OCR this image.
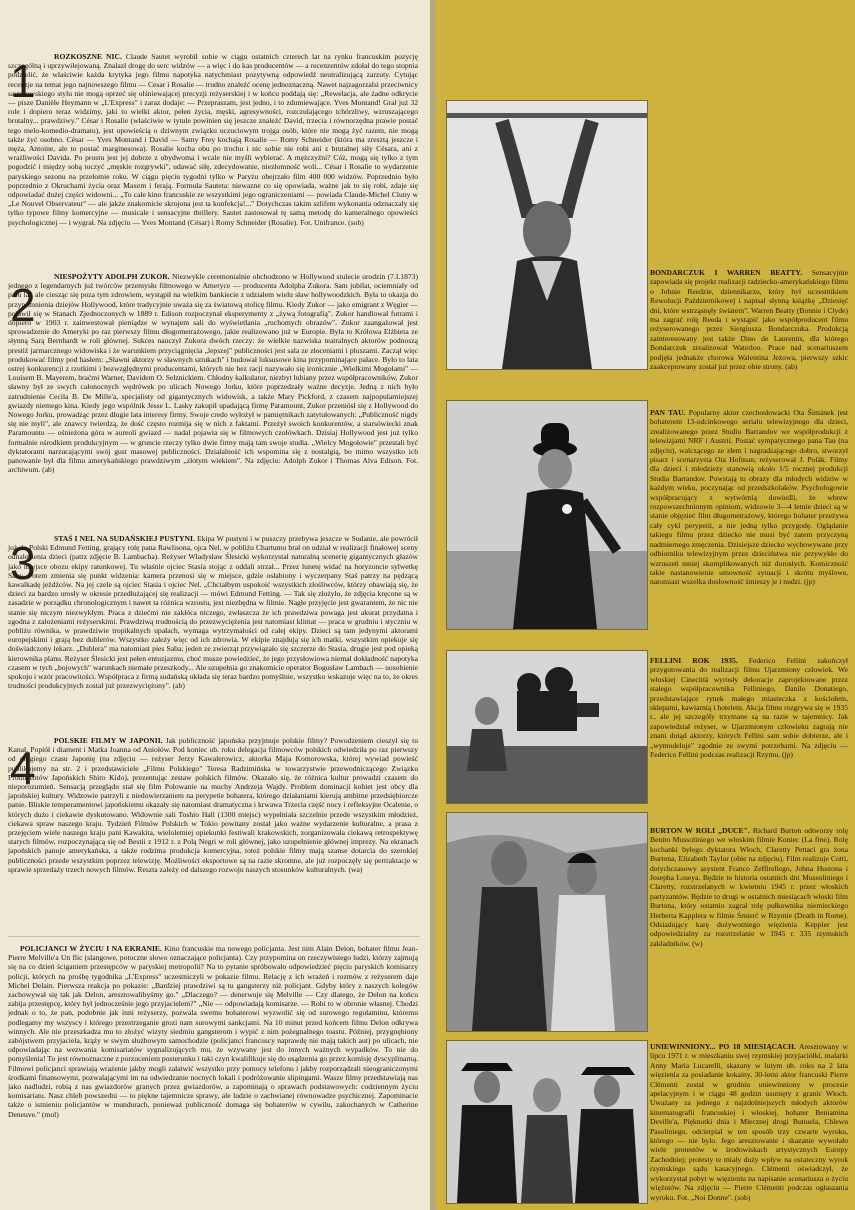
1	ROZKOSZNE NIC. Claude Sautet wyrobił sobie w ciągu ostatnich czterech lat na rynku francuskim pozycję szczególną i uprzywilejowaną. Znalazł drogę do serc widzów — a więc i do kas producentów — a recenzentów zdołał do tego stopnia podzielić, że właściwie każda krytyka jego filmu napotyka natychmiast pozytywną odpowiedź neutralizującą zarzuty. Cytując recenzje na temat jego najnowszego filmu — Cesar i Rosalie — trudno znaleźć ocenę jednoznaczną. Nawet najzagorzalsi przeciwnicy sautetowskiego stylu nie mogą oprzeć się olśniewającej precyzji reżyserskiej i w końcu poddają się: „Rewelacja, ale żadne odkrycie — pisze Danièle Heymann w „L'Express" i zaraz dodaje: — Przepraszam, jest jedno, i to zdumiewające. Yves Montand! Grał już 32 role i dopiero teraz widzimy, jaki to wielki aktor, pełen życia, męski, agresywności, rozczulającego tchórzliwy, wzruszającego brutalny... prawdziwy." César i Rosalie (właściwie w tytule powinien się jeszcze znaleźć David, trzecia i równorzędna prawie postać tego melo-komedio-dramatu), jest opowieścią o dziwnym związku uczuciowym trojga osób, które nie mogą żyć razem, nie mogą także żyć osobno. César — Yves Montand i David — Samy Frey kochają Rosalie — Romy Schneider (która ma zresztą jeszcze i męża, Antoine, ale to postać marginesowa). Rosalie kocha obu po trochu i nic sobie nie robi ani z brutalnej siły Césara, ani z wrażliwości Davida. Po prostu jest jej dobrze z obydwoma i wcale nie myśli wybierać. A mężczyźni? Cóż, mogą się tylko z tym pogodzić i między sobą toczyć „męskie rozgrywki", udawać siłę, zdecydowanie, niezłomność woli... César i Rosalie to wydarzenie paryskiego sezonu na przełomie roku. W ciągu pięciu tygodni tylko w Paryżu obejrzało film 400 000 widzów. Poprzednio było poprzednio z Okruchami życia oraz Maxem i ferają. Formuła Sauteta: niewazne co się opowiada, ważne jak to się robi, zdaje się odpowiadać dużej części widowni... „To całe kino francuskie ze wszystkimi jego ograniczeniami — powiada Claude-Michel Cluny w „Le Nouvel Observateur" — ale jakże znakomicie skrojona jest ta konfekcja!..." Dotychczas takim szlifem wykonania odznaczały się tylko typowe filmy komercyjne — musicale i sensacyjne thrillery. Sautet zastosował tę samą metodę do kameralnego opowieści psychologicznej — i wygrał. Na zdjęciu — Yves Montand (César) i Romy Schneider (Rosalie). Fot. Unifrance. (sob)

2

NIESPOŻYTY ADOLPH ZUKOR. Niezwykle ceremonialnie obchodzono w Hollywood stulecie urodzin (7.I.1873) jednego z legendarnych już twórców przemysłu filmowego w Ameryce — producenta Adolpha Zukora. Sam jubilat, ociemniały od paru lat, ale ciesząc się poza tym zdrowiem, wystąpił na wielkim bankiecie z udziałem wielu sław hollywoodzkich. Była to okazja do przypomnienia dziejów Hollywood, które tradycyjnie uważa się za światową stolicę filmu. Kiedy Zukor — jako emigrant z Węgier — pojawił się w Stanach Zjednoczonych w 1889 r. Edison rozpoczynał eksperymenty z „żywą fotografią". Zukor handlował futrami i dopiero w 1903 r. zainwestował pieniądze w wynajem sali do wyświetlania „ruchomych obrazów". Zukor zaangażował jest sprowadzenie do Ameryki po raz pierwszy filmu długometrażowego, jakie realizowano już w Europie. Była to Królowa Elżbieta ze słynną Sarą Bernhardt w roli głównej. Sukces nauczył Zukora dwóch rzeczy: że wielkie nazwiska teatralnych aktorów podnoszą prestiż jarmarcznego widowiska i że warunkiem przyciągnięcia „lepszej" publiczności jest sala ze złoceniami i pluszami. Zaczął więc produkować filmy pod hasłem: „Sławni aktorzy w sławnych sztukach" i budował luksusowe kina przypominające pałace. Było to lata ostrej konkurencji z rzutkimi i bezwzględnymi producentami, których nie bez racji nazywało się ironicznie „Wielkimi Mogołami" — Louisem B. Mayerem, braćmi Warner, Davidem O. Selznickiem. Chłodny kalkulator, niezbyt lubiany przez współpracowników, Zukor sławny był ze swych całonocnych wędrówek po ulicach Nowego Jorku, które poprzedzały ważne decyzje. Jedną z nich było zatrudnienie Cecila B. De Mille'a, specjalisty od gigantycznych widowisk, a także Mary Pickford, z czasem najpopularniejszej gwiazdy niemego kina. Kiedy jego wspólnik Jesse L. Lasky zakupił upadającą firmę Paramount, Zukor przeniósł się z Hollywood do Nowego Jorku, prowadząc przez długie lata interesy firmy. Swoje credo wyłożył w pamiętnikach zatytułowanych: „Publiczność nigdy się nie myli", ale znawcy twierdzą, że dość często rozmija się w nich z faktami. Przeżył swoich konkurentów, a starsówiecki znak Paramountu — ośnieżona góra w aureoli gwiazd — nadal pojawia się w filmowych czołówkach. Dzisiaj Hollywood jest już tylko formalnie ośrodkiem produkcyjnym — w gruncie rzeczy tylko dwie firmy mają tam swoje studia. „Wielcy Mogołowie" przestali być dyktatorami narzucającymi swój gust masowej publiczności. Działalność ich wspomina się z nostalgią, bo mimo wszystko ich panowanie był dla filmu amerykańskiego prawdziwym „złotym wiekiem". Na zdjęciu: Adolph Zukor i Thomas Alva Edison. Fot. archiwum. (ab)

3	STAŚ I NEL NA SUDAŃSKIEJ PUSTYNI. Ekipa W pustyni i w puszczy przebywa jeszcze w Sudanie, ale powrócił już do Polski Edmund Fetting, grający rolę pana Rawlisona, ojca Nel, w pobliżu Chartumu brał on udział w realizacji finałowej sceny odnalezienia dzieci (patrz zdjęcie B. Lambacha). Reżyser Władysław Ślesicki wykorzystał naturalną scenerię gigantycznych głazów jako miejsce obozu ekipy ratunkowej. Tu właśnie ojciec Stasia stojąc z oddali strzał... Przez lunetę widać na horyzoncie sylwetkę Saby. Potem zmienia się punkt widzenia: kamera przenosi się w miejsce, gdzie osłabiony i wyczerpany Staś patrzy na pędzącą kawalkadę jeźdźców. Na jej czele są ojciec Stasia i ojciec Nel. „Chciałbym uspokoić wszystkich złośliwców, którzy obawiają się, że dzieci za bardzo urosły w okresie przedłużającej się realizacji — mówi Edmund Fetting. — Tak się złożyło, że zdjęcia kręcone są w zasadzie w porządku chronologicznym i nawet ta różnica wzrostu, jest niezbędna w filmie. Nagłe przyjęcie jest gwarantem, że nic nie stanie się niczym niezwykłym. Praca z dziećmi nie zakłóca niczego, zwłaszcza że ich prawdziwa powaga jest akurat przydatna i zgodna z założeniami reżyserskimi. Prawdziwą trudnością do przezwyciężenia jest natomiast klimat — praca w grudniu i styczniu w pobliżu równika, w prawdziwie tropikalnych upałach, wymaga wytrzymałości od całej ekipy. Dzieci są tam jedynymi aktorami europejskimi i grają bez dublerów. Wszystko zależy więc od ich zdrowia. W ekipie znajdują się ich matki, wszystkim opiekuje się doświadczony lekarz. „Dublera" ma natomiast pies Saba; jeden ze zwierząt przywiązało się szczerze do Stasia, drugie jest pod opieką kierownika planu. Reżyser Ślesicki jest pełen entuzjazmu, choć musze powiedzieć, że jego przysłowiowa niemal dokładność napotyka czasem w tych „bojowych" warunkach niemałe przeszkody... Ale uzupełnia go znakomicie operator Bogusław Lambach — uosobienie spokoju i wzór pracowitości. Współpraca z firmą sudańską układa się teraz bardzo pomyślnie, wszystko wskazuje więc na to, że okres trudności produkcyjnych został już przezwyciężony". (ab)

4

POLSKIE FILMY W JAPONII. Jak publiczność japońska przyjmuje polskie filmy? Powodzeniem cieszył się tu Kanał, Popiół i diament i Matka Joanna od Aniołów. Pod koniec ub. roku delegacja filmowców polskich odwiedziła po raz pierwszy od długiego czasu Japonię (na zdjęciu — reżyser Jerzy Kawalerowicz, aktorka Maja Komorowska, której wywiad powieść publikujemy na str. 2 i przedstawiciele „Filmu Polskiego" Teresa Radzimińska w towarzystwie przewodniczącego Związku Producentów Japońskich Shiro Kido), prezentując zestaw polskich filmów. Okazało się, że różnica kultur prowadzi czasem do nieporozumień. Sensacją przeglądu stał się film Polowanie na muchy Andrzeja Wajdy. Problem dominacji kobiet jest obcy dla japońskiej kultury. Widzowie patrzyli z niedowierzaniem na perypetie bohatera, którego działaniami kierują ambitne przedsiębiorcze panie. Bliskie temperamentowi japońskiemu okazały się natomiast dramatyczna i krwawa Trzecia część nocy i refleksyjne Ocalenie, o których dużo i ciekawie dyskutowano. Widownie sali Toshio Hall (1300 miejsc) wypełniała szczelnie przede wszystkim młodzież, ciekawa spraw naszego kraju. Tydzień Filmów Polskich w Tokio powitany został jako ważne wydarzenie kulturalne, a prasa z przejęciem wiele naszego kraju pani Kawakita, wieloletniej opiekunki festiwali krakowskich, zorganizowała ciekawą retrospektywę starych filmów, rozpoczynającą się od Bestii z 1912 r. z Polą Negri w roli głównej, jako uzupełnienie głównej imprezy. Na ekranach japońskich panuje amerykańska, a także rodzima produkcja komercyjna, toteż polskie filmy mają szanse dotarcia do szerokiej publiczności przede wszystkim poprzez telewizję. Możliwości eksportowe są na razie skromne, ale już rozpoczęły się pertraktacje w sprawie sprzedaży trzech nowych filmów. Reszta zależy od dalszego rozwoju naszych stosunków kulturalnych. (wa)

POLICJANCI W ŻYCIU I NA EKRANIE. Kino francuskie ma nowego policjanta. Jest nim Alain Delon, bohater filmu Jean-Pierre Melville'a Un flic (slangowe, potoczne słowo oznaczające policjanta). Czy przypomina on rzeczywistego ludzi, którzy zajmują się na co dzień ściganiem przestępców w paryskiej metropolii? Na to pytanie spróbowało odpowiedzieć pięciu paryskich komisarzy policji, których na prośbę tygodnika „L'Express" uczestniczyli w pokazie filmu. Relację z ich wrażeń i rozmów z reżyserem daje Michel Delain. Pierwsza reakcja po pokazie: „Bardziej prawdziwi są tu gangsterzy niż policjant. Gdyby który z naszych kolegów zachowywał się tak jak Delon, aresztowalibyśmy go." „Dlaczego? — denerwuje się Melville — Czy dlatego, że Delon na końcu zabija przestępcę, który był jednocześnie jego przyjacielem?" „Nie — odpowiadają komisarze. — Robi to w obronie własnej. Chodzi jednak o to, że pan, podobnie jak inni reżyserzy, pozwala swemu bohaterowi wyzwolić się od surowego regulaminu, któremu podlegamy my wszyscy i którego przestrzeganie grozi nam surowymi sankcjami. Na 10 minut przed końcem filmu Delon odkrywa winnych. Ale nie przeszkadza mu to złożyć wizyty siedmiu gangsterom i wypić z nim pożegnalnego toastu. Później, przygnębiony zabójstwem przyjaciela, krąży w swym służbowym samochodzie (policjanci francuscy naprawdę nie mają takich aut) po ulicach, nie odpowiadając na wezwania komisariatów sygnalizujących mu, że wzywany jest do innych ważnych wypadków. To nie do pomyślenia! To jest równoznaczne z porzuceniem posterunku i taki czyn kwalifikuje się do osądzenia go przez komisję dyscyplinarną. Filmowi policjanci sprawiają wrażenie jakby mogli załatwić wszystko przy pomocy telefonu i jakby rozporządzali nieograniczonymi środkami finansowymi, pozwalającymi im na odwiedzanie nocnych lokali i podróżowanie slipingami. Wasze filmy przedstawiają nas jako nadludzi, robią z nas gwiazdorów granych przez gwiazdorów, a zapominają o sprawach podstawowych: codziennym życiu komisariatu. Nasz chleb powszedni — to piękne tajemnicze sprawy, ale ludzie o zachwianej równowadze psychicznej. Zapominacie także o istnieniu policjantów w mundurach, ponieważ publiczność domaga się bohaterów w cywilu, zakochanych w Catherine Deneuve." (mol)

BONDARCZUK I WARREN BEATTY. Sensacyjnie zapowiada się projekt realizacji radziecko-amerykańskiego filmu o Johnie Reedzie, dziennikarzu, który był uczestnikiem Rewolucji Październikowej i napisał słynną książkę „Dziesięć dni, które wstrząsnęły światem". Warren Beatty (Bonnie i Clyde) ma zagrać rolę Reeda i wystąpić jako współproducent filmu reżyserowanego przez Siergiusza Bondarczuka. Produkcją zainteresowany jest także Dino de Laurentis, dla którego Bondarczuk zrealizował Waterloo. Prace nad scenariuszem podjęła jednakże chorowa Walentina Jeżowa, pierwszy szkic zaakceptowany został już przez obie strony. (ab)
PAN TAU. Popularny aktor czechosłowacki Ota Šimánek jest bohaterem 13-odcinkowego serialu telewizyjnego dla dzieci, zrealizowanego przez Studio Barrandov we współprodukcji z telewizjami NRF i Austrii. Postać sympatycznego pana Tau (na zdjęciu), walczącego ze złem i nagradzającego dobro, stworzył pisarz i scenarzysta Ota Hofman; reżyserował J. Polák. Filmy dla dzieci i młodzieży stanowią około 1/5 rocznej produkcji Studia Barrandov. Powstają tu obrazy dla młodych widzów w każdym wieku, poczynając od przedszkolaków. Psychologowie współpracujący z wytwórnią dowiedli, że wbrew rozpowszechnionym opiniom, widzowie 3—4 letnie dzieci są w stanie objęzieć film długometrażowy, którego bohater przeżywa cały cykl perypetii, a nie jedną tylko przygodę. Oglądanie takiego filmu przez dziecko nie musi być zatem przyczyną nadmiernego zmęczenia. Dzisiejsze dziecko wychowywane przy odbiorniku telewizyjnym przez dzieciństwa nie przywykło do wzruszeń mniej skomplikowanych niż dorosłych. Komiczność takie nastanowienie umowność sytuacji i skrótu myślowe, natomiast wszelka dosłowność śmieszy je i nudzi. (jp)
FELLINI ROK 1935. Federico Fellini zakończył przygotowania do realizacji filmu Ujarzmiony człowiek. We włoskiej Cinecittà wyrosły dekoracje zaprojektowane przez stałego współpracownika Felliniego, Danilo Donatiego, przedstawiające rynek małego miasteczka z kościołem, sklepami, kawiarnią i hotelem. Akcja filmu rozgrywa się w 1935 r., ale jej szczegóły trzymane są na razie w tajemnicy. Jak zapowiedział reżyser, w Ujarzmionym człowieku zagrają nie znani dotąd aktorzy, których Fellini sam sobie dobierze, ale i „wymodeluje" zgodnie ze swymi potrzebami. Na zdjęciu — Federico Fellini podczas realizacji Rzymu. (jp)
BURTON W ROLI „DUCE". Richard Burton odtworzy rolę Benito Mussoliniego we włoskim filmie Koniec (La fine). Rolę kochanki byłego dyktatora Włoch, Claretty Pettaci gra żona Burtona, Elizabeth Taylor (obie na zdjęciu). Film realizuje Cotti, dotychczasowy asystent Franco Zeffirellego, Johna Hustona i Josepha Loseya. Będzie to historia ostatnich dni Mussoliniego i Claretty, rozstrzelanych w kwietniu 1945 r. przez włoskich partyzantów. Będzie to drugi w ostatnich miesiącach włoski film Burtona, który ostatnio zagrał rolę pułkownika niemieckiego Herberta Kapplera w filmie Śmierć w Rzymie (Death in Rome). Odsiadujący karę dożywotniego więzienia Keppler jest odpowiedzialny za rozstrzelanie w 1945 r. 335 rzymskich zakładników. (w)
UNIEWINNIONY... PO 18 MIESIĄCACH. Aresztowany w lipcu 1971 r. w mieszkaniu swej rzymskiej przyjaciółki, malarki Anny Maria Lucarelli, skazany w lutym ub. roku na 2 lata więzienia za posiadanie kokainy, 30-letni aktor francuski Pierre Clémenti został w grudniu uniewinniony w procesie apelacyjnym i w ciągu 48 godzin usunięty z granic Włoch. Uważany za jednego z najzdolniejszych młodych aktorów kinematografii francuskiej i włoskiej, bohater Beniamina Deville'a, Pięknotki dnia i Mlecznej drogi Bunuela, Chlewu Pasoliniego, odcierpiał w ten sposób trzy czwarte wyroku, którego — nie bylo. Jego aresztowanie i skazanie wywołało wiele protestów w środowiskach artystycznych Europy Zachodniej; protesty te miały duży wpływ na ostateczny wyrok rzymskiego sądu kasacyjnego. Clémenti oświadczył, że wykorzystał pobyt w więzieniu na napisanie scenariusza o życiu więźniów. Na zdjęciu — Pierre Clémenti podczas ogłaszania wyroku. Fot. „Noi Donne". (sob)
